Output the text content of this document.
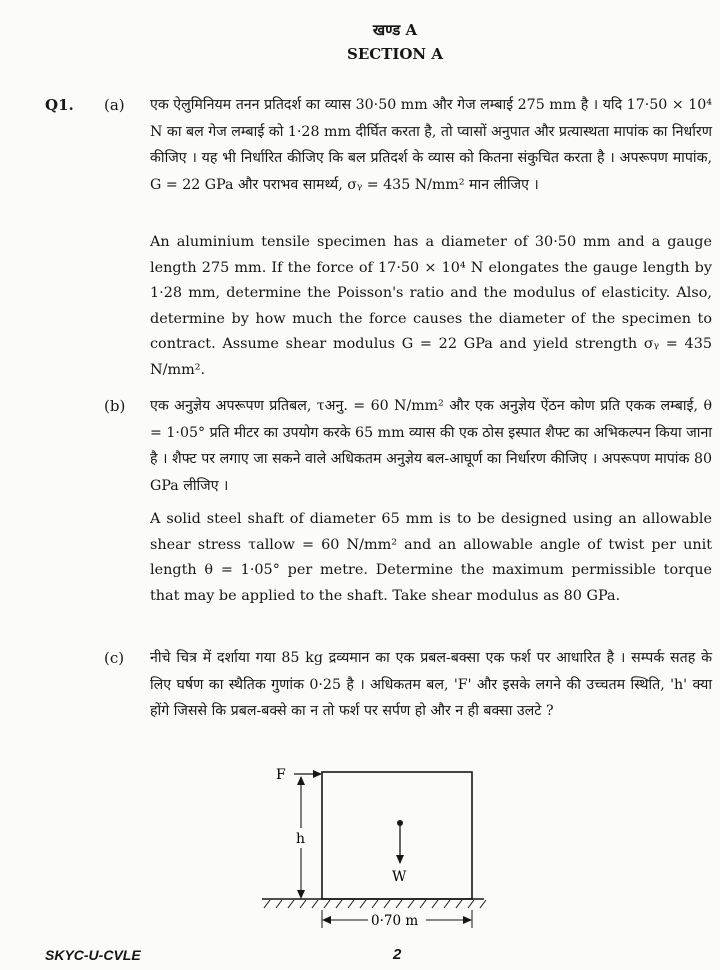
खण्ड A
SECTION A
Q1. (a) एक ऐलुमिनियम तनन प्रतिदर्श का व्यास 30·50 mm और गेज लम्बाई 275 mm है । यदि 17·50 × 10⁴ N का बल गेज लम्बाई को 1·28 mm दीर्घित करता है, तो प्वासों अनुपात और प्रत्यास्थता मापांक का निर्धारण कीजिए । यह भी निर्धारित कीजिए कि बल प्रतिदर्श के व्यास को कितना संकुचित करता है । अपरूपण मापांक, G = 22 GPa और पराभव सामर्थ्य, σᵧ = 435 N/mm² मान लीजिए ।
An aluminium tensile specimen has a diameter of 30·50 mm and a gauge length 275 mm. If the force of 17·50 × 10⁴ N elongates the gauge length by 1·28 mm, determine the Poisson's ratio and the modulus of elasticity. Also, determine by how much the force causes the diameter of the specimen to contract. Assume shear modulus G = 22 GPa and yield strength σᵧ = 435 N/mm².
(b) एक अनुज्ञेय अपरूपण प्रतिबल, τअनु. = 60 N/mm² और एक अनुज्ञेय ऐंठन कोण प्रति एकक लम्बाई, θ = 1·05° प्रति मीटर का उपयोग करके 65 mm व्यास की एक ठोस इस्पात शैफ्ट का अभिकल्पन किया जाना है । शैफ्ट पर लगाए जा सकने वाले अधिकतम अनुज्ञेय बल-आघूर्ण का निर्धारण कीजिए । अपरूपण मापांक 80 GPa लीजिए ।
A solid steel shaft of diameter 65 mm is to be designed using an allowable shear stress τallow = 60 N/mm² and an allowable angle of twist per unit length θ = 1·05° per metre. Determine the maximum permissible torque that may be applied to the shaft. Take shear modulus as 80 GPa.
(c) नीचे चित्र में दर्शाया गया 85 kg द्रव्यमान का एक प्रबल-बक्सा एक फर्श पर आधारित है । सम्पर्क सतह के लिए घर्षण का स्थैतिक गुणांक 0·25 है । अधिकतम बल, 'F' और इसके लगने की उच्चतम स्थिति, 'h' क्या होंगे जिससे कि प्रबल-बक्से का न तो फर्श पर सर्पण हो और न ही बक्सा उलटे ?
F
h
W
0·70 m
SKYC-U-CVLE	2
